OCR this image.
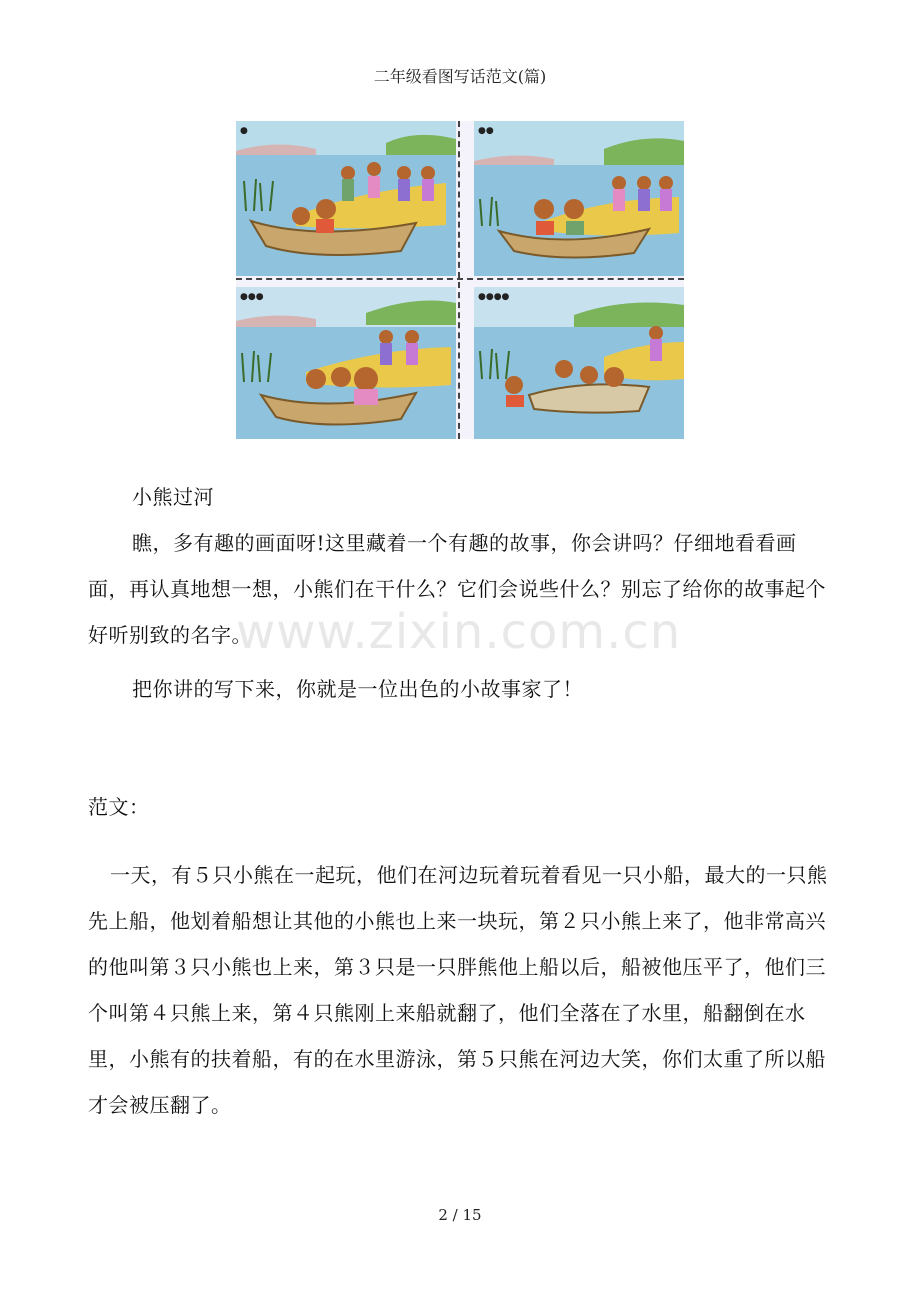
二年级看图写话范文(篇)
●	●●
●●●	●●●●
小熊过河
瞧，多有趣的画面呀!这里藏着一个有趣的故事，你会讲吗？仔细地看看画面，再认真地想一想，小熊们在干什么？它们会说些什么？别忘了给你的故事起个好听别致的名字。
把你讲的写下来，你就是一位出色的小故事家了！
www.zixin.com.cn
范文：
一天，有５只小熊在一起玩，他们在河边玩着玩着看见一只小船，最大的一只熊先上船，他划着船想让其他的小熊也上来一块玩，第２只小熊上来了，他非常高兴的他叫第３只小熊也上来，第３只是一只胖熊他上船以后，船被他压平了，他们三个叫第４只熊上来，第４只熊刚上来船就翻了，他们全落在了水里，船翻倒在水里，小熊有的扶着船，有的在水里游泳，第５只熊在河边大笑，你们太重了所以船才会被压翻了。
2 / 15
